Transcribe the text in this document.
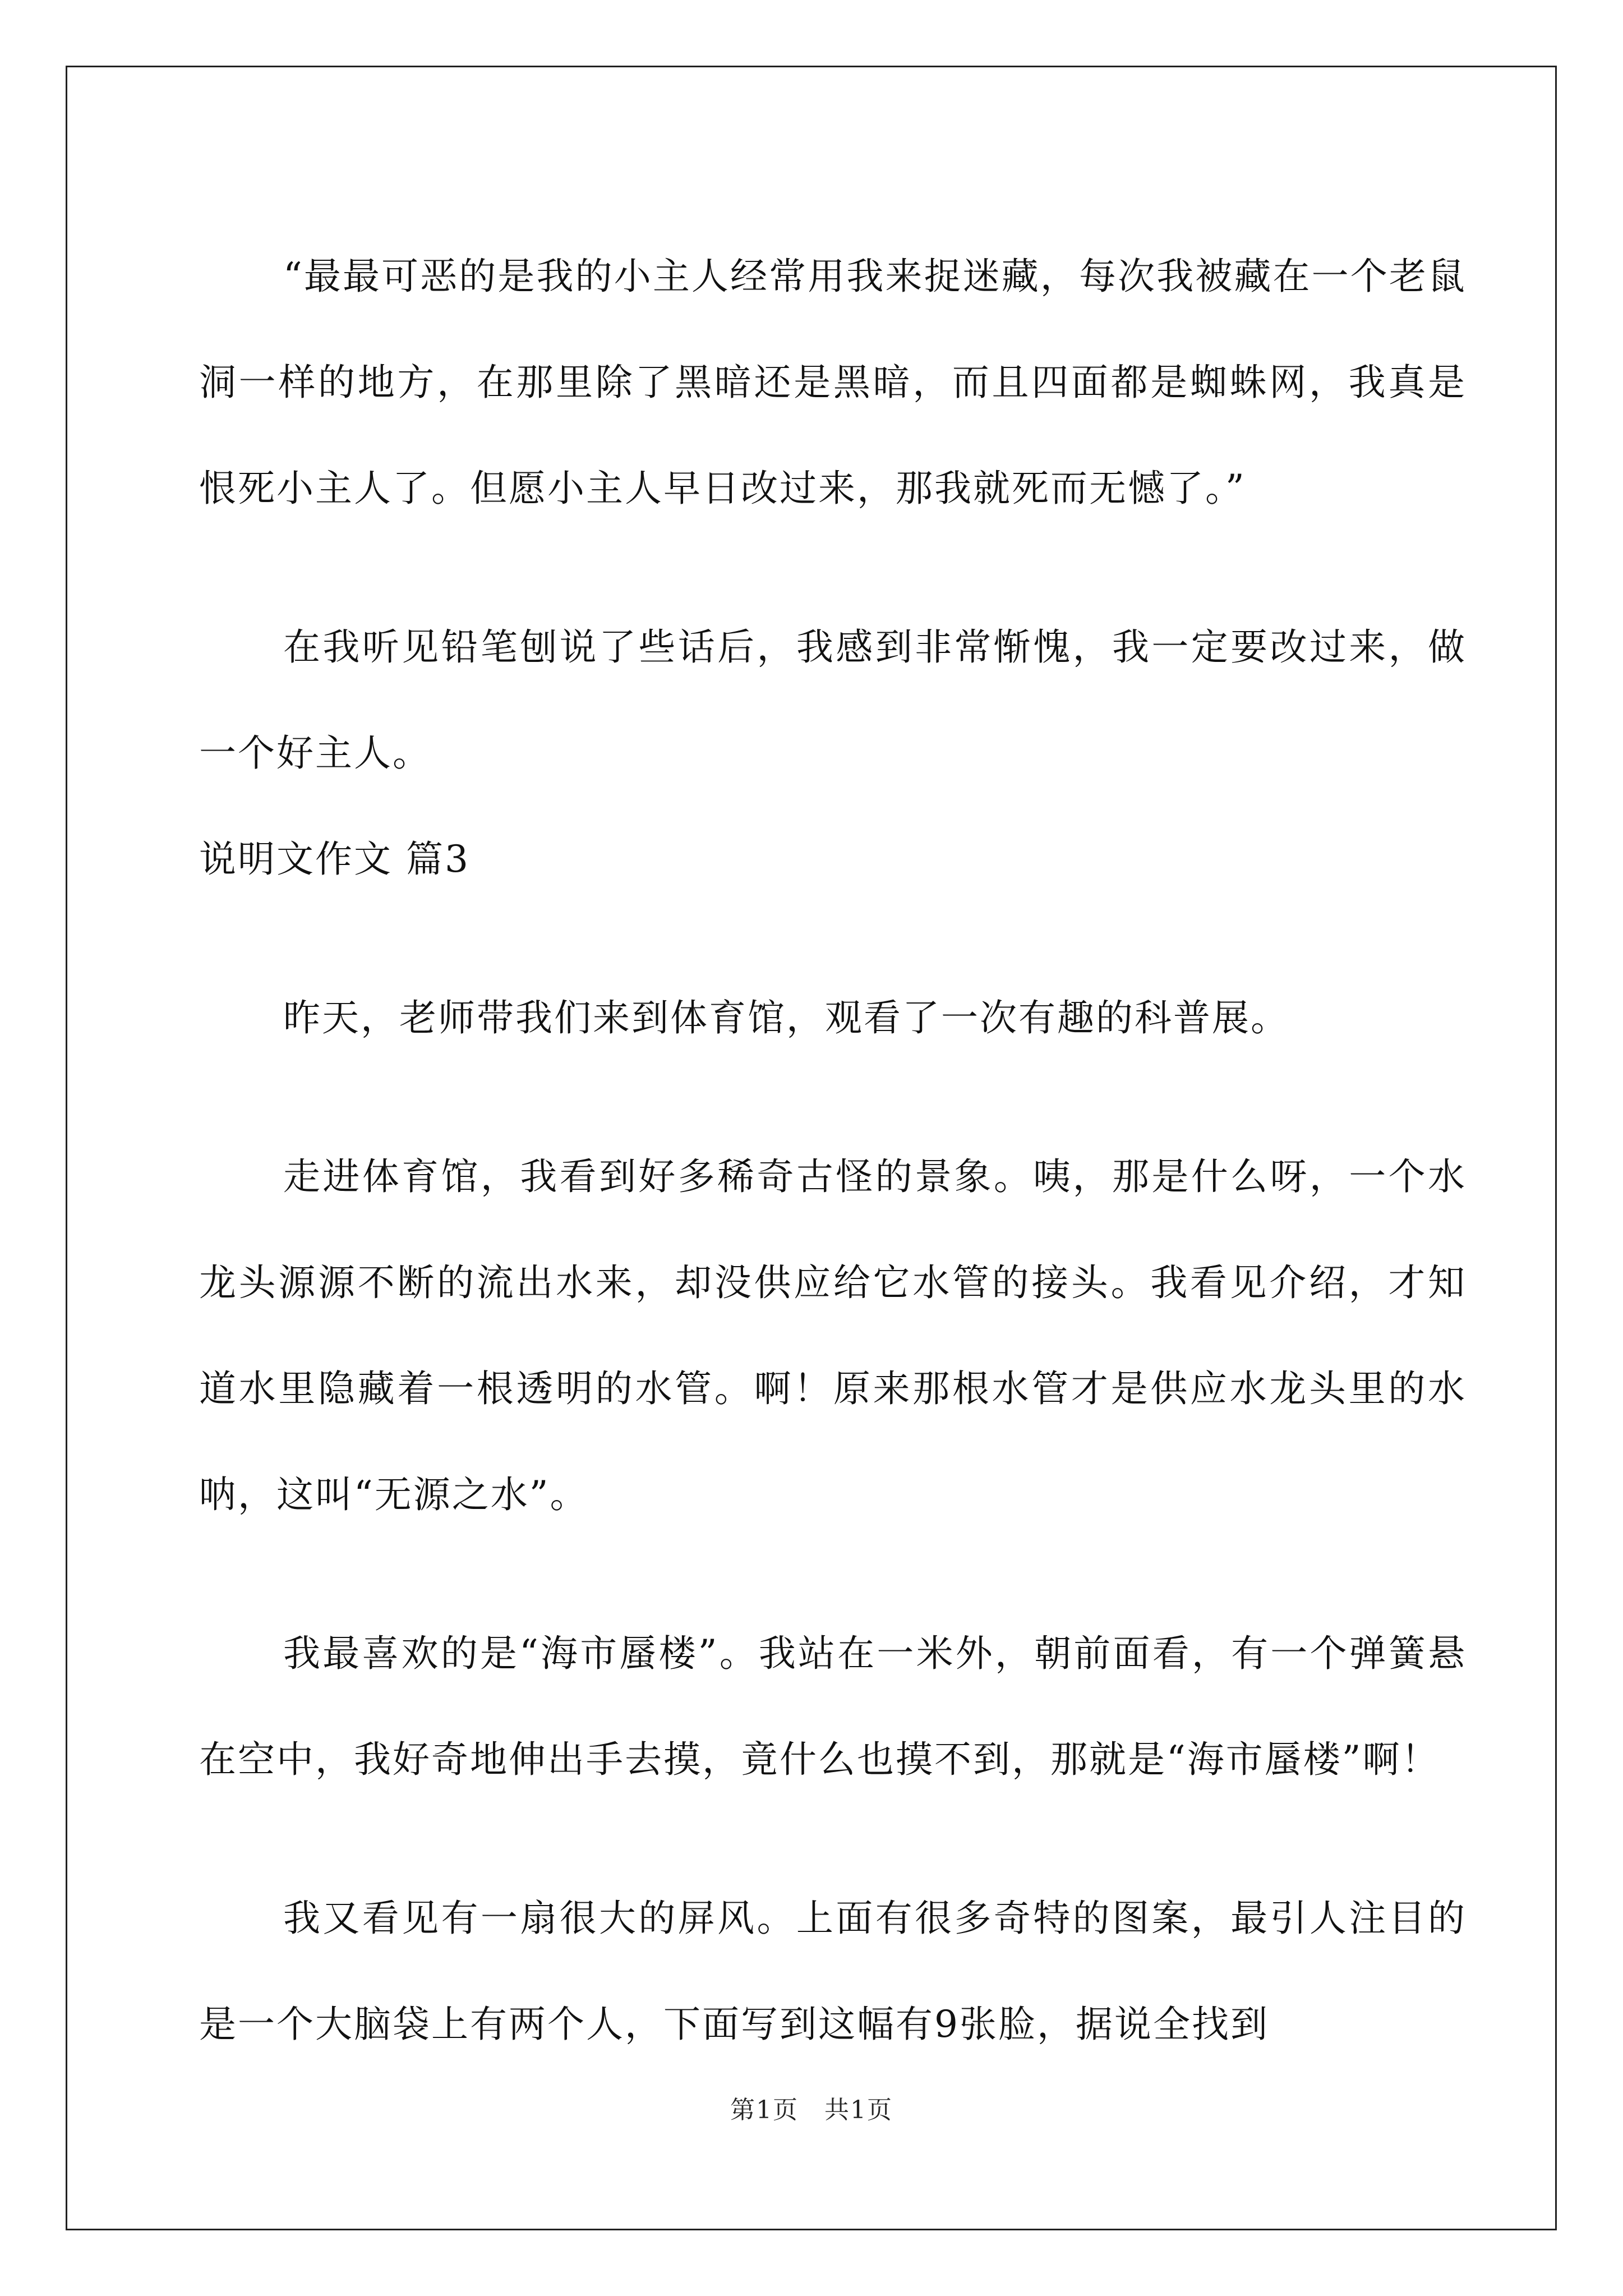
“最最可恶的是我的小主人经常用我来捉迷藏，每次我被藏在一个老鼠洞一样的地方，在那里除了黑暗还是黑暗，而且四面都是蜘蛛网，我真是恨死小主人了。但愿小主人早日改过来，那我就死而无憾了。”

在我听见铅笔刨说了些话后，我感到非常惭愧，我一定要改过来，做一个好主人。

说明文作文 篇3

昨天，老师带我们来到体育馆，观看了一次有趣的科普展。

走进体育馆，我看到好多稀奇古怪的景象。咦，那是什么呀，一个水龙头源源不断的流出水来，却没供应给它水管的接头。我看见介绍，才知道水里隐藏着一根透明的水管。啊！原来那根水管才是供应水龙头里的水呐，这叫“无源之水”。

我最喜欢的是“海市蜃楼”。我站在一米外，朝前面看，有一个弹簧悬在空中，我好奇地伸出手去摸，竟什么也摸不到，那就是“海市蜃楼”啊！

我又看见有一扇很大的屏风。上面有很多奇特的图案，最引人注目的是一个大脑袋上有两个人，下面写到这幅有9张脸，据说全找到

第1页　共1页
